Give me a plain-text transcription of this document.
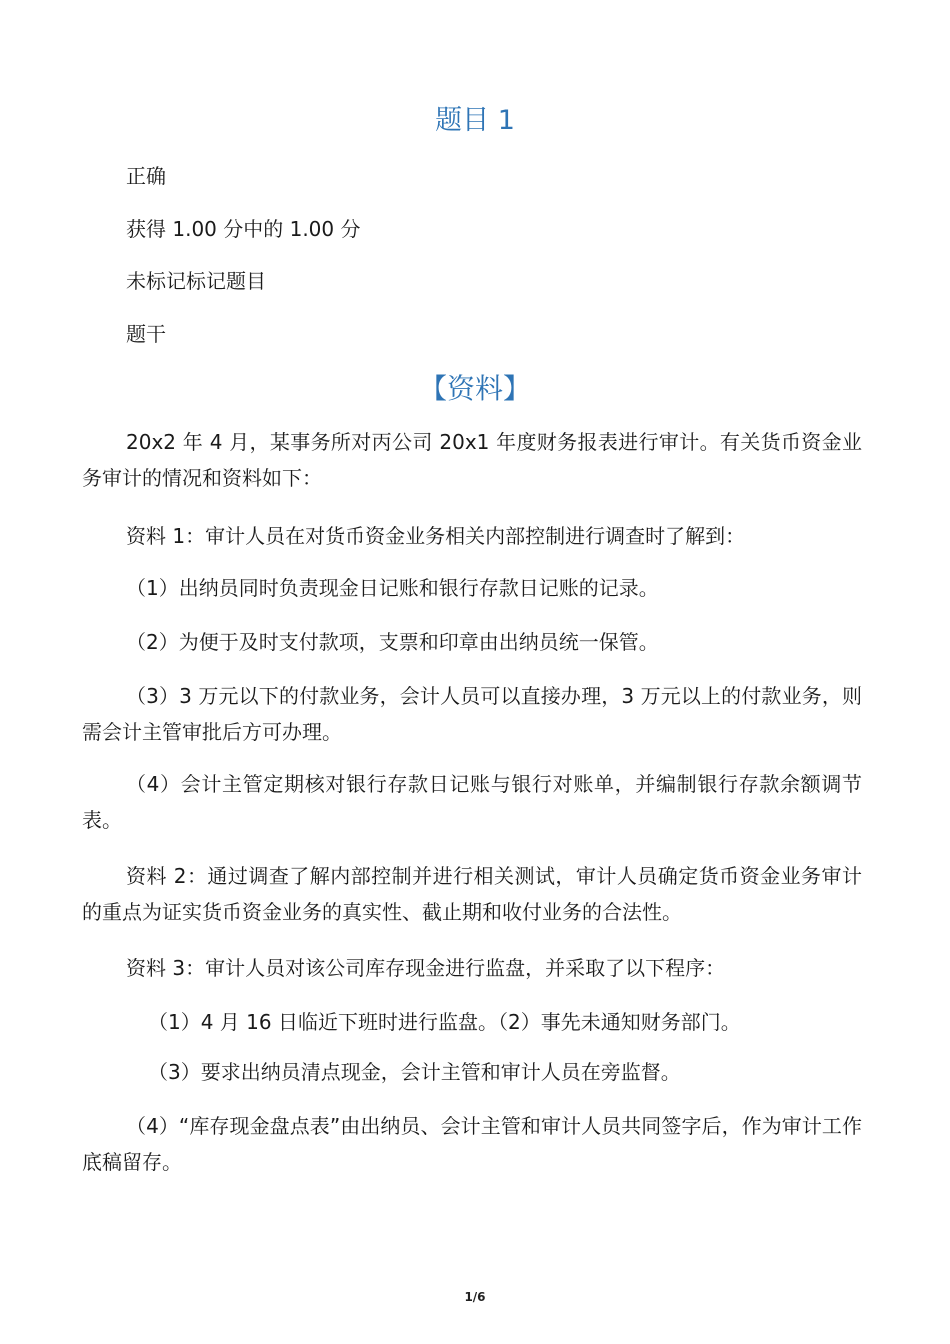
题目 1
正确
获得 1.00 分中的 1.00 分
未标记标记题目
题干
【资料】
20x2 年 4 月，某事务所对丙公司 20x1 年度财务报表进行审计。有关货币资金业务审计的情况和资料如下：
资料 1：审计人员在对货币资金业务相关内部控制进行调查时了解到：
（1）出纳员同时负责现金日记账和银行存款日记账的记录。
（2）为便于及时支付款项，支票和印章由出纳员统一保管。
（3）3 万元以下的付款业务，会计人员可以直接办理，3 万元以上的付款业务，则需会计主管审批后方可办理。
（4）会计主管定期核对银行存款日记账与银行对账单，并编制银行存款余额调节表。
资料 2：通过调查了解内部控制并进行相关测试，审计人员确定货币资金业务审计的重点为证实货币资金业务的真实性、截止期和收付业务的合法性。
资料 3：审计人员对该公司库存现金进行监盘，并采取了以下程序：
（1）4 月 16 日临近下班时进行监盘。（2）事先未通知财务部门。
（3）要求出纳员清点现金，会计主管和审计人员在旁监督。
（4）“库存现金盘点表”由出纳员、会计主管和审计人员共同签字后，作为审计工作底稿留存。
1/6
